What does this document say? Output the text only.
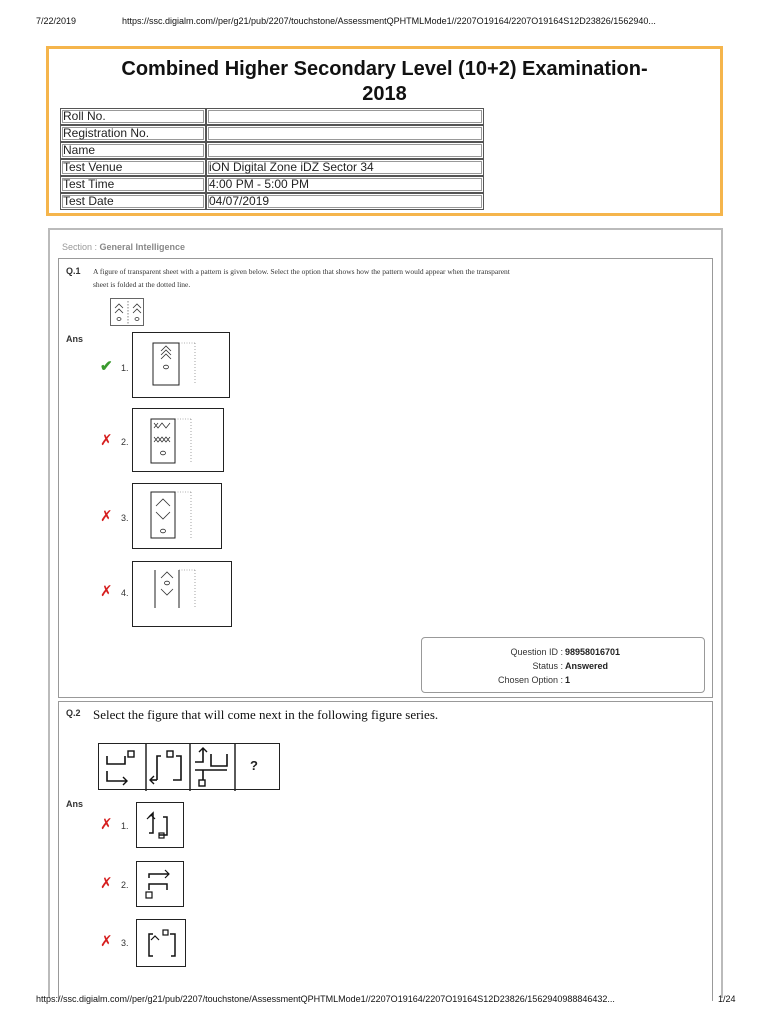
7/22/2019	https://ssc.digialm.com//per/g21/pub/2207/touchstone/AssessmentQPHTMLMode1//2207O19164/2207O19164S12D23826/1562940...
Combined Higher Secondary Level (10+2) Examination-
2018
Roll No.	
Registration No.	
Name	
Test Venue	iON Digital Zone iDZ Sector 34
Test Time	4:00 PM - 5:00 PM
Test Date	04/07/2019
Section : General Intelligence
Q.1 A figure of transparent sheet with a pattern is given below. Select the option that shows how the pattern would appear when the transparent sheet is folded at the dotted line.
Ans
✔ 1.
✗ 2.
✗ 3.
✗ 4.
Question ID : 98958016701
Status : Answered
Chosen Option : 1
Q.2 Select the figure that will come next in the following figure series.
?
Ans
✗ 1.
✗ 2.
✗ 3.
https://ssc.digialm.com//per/g21/pub/2207/touchstone/AssessmentQPHTMLMode1//2207O19164/2207O19164S12D23826/1562940988846432...	1/24
